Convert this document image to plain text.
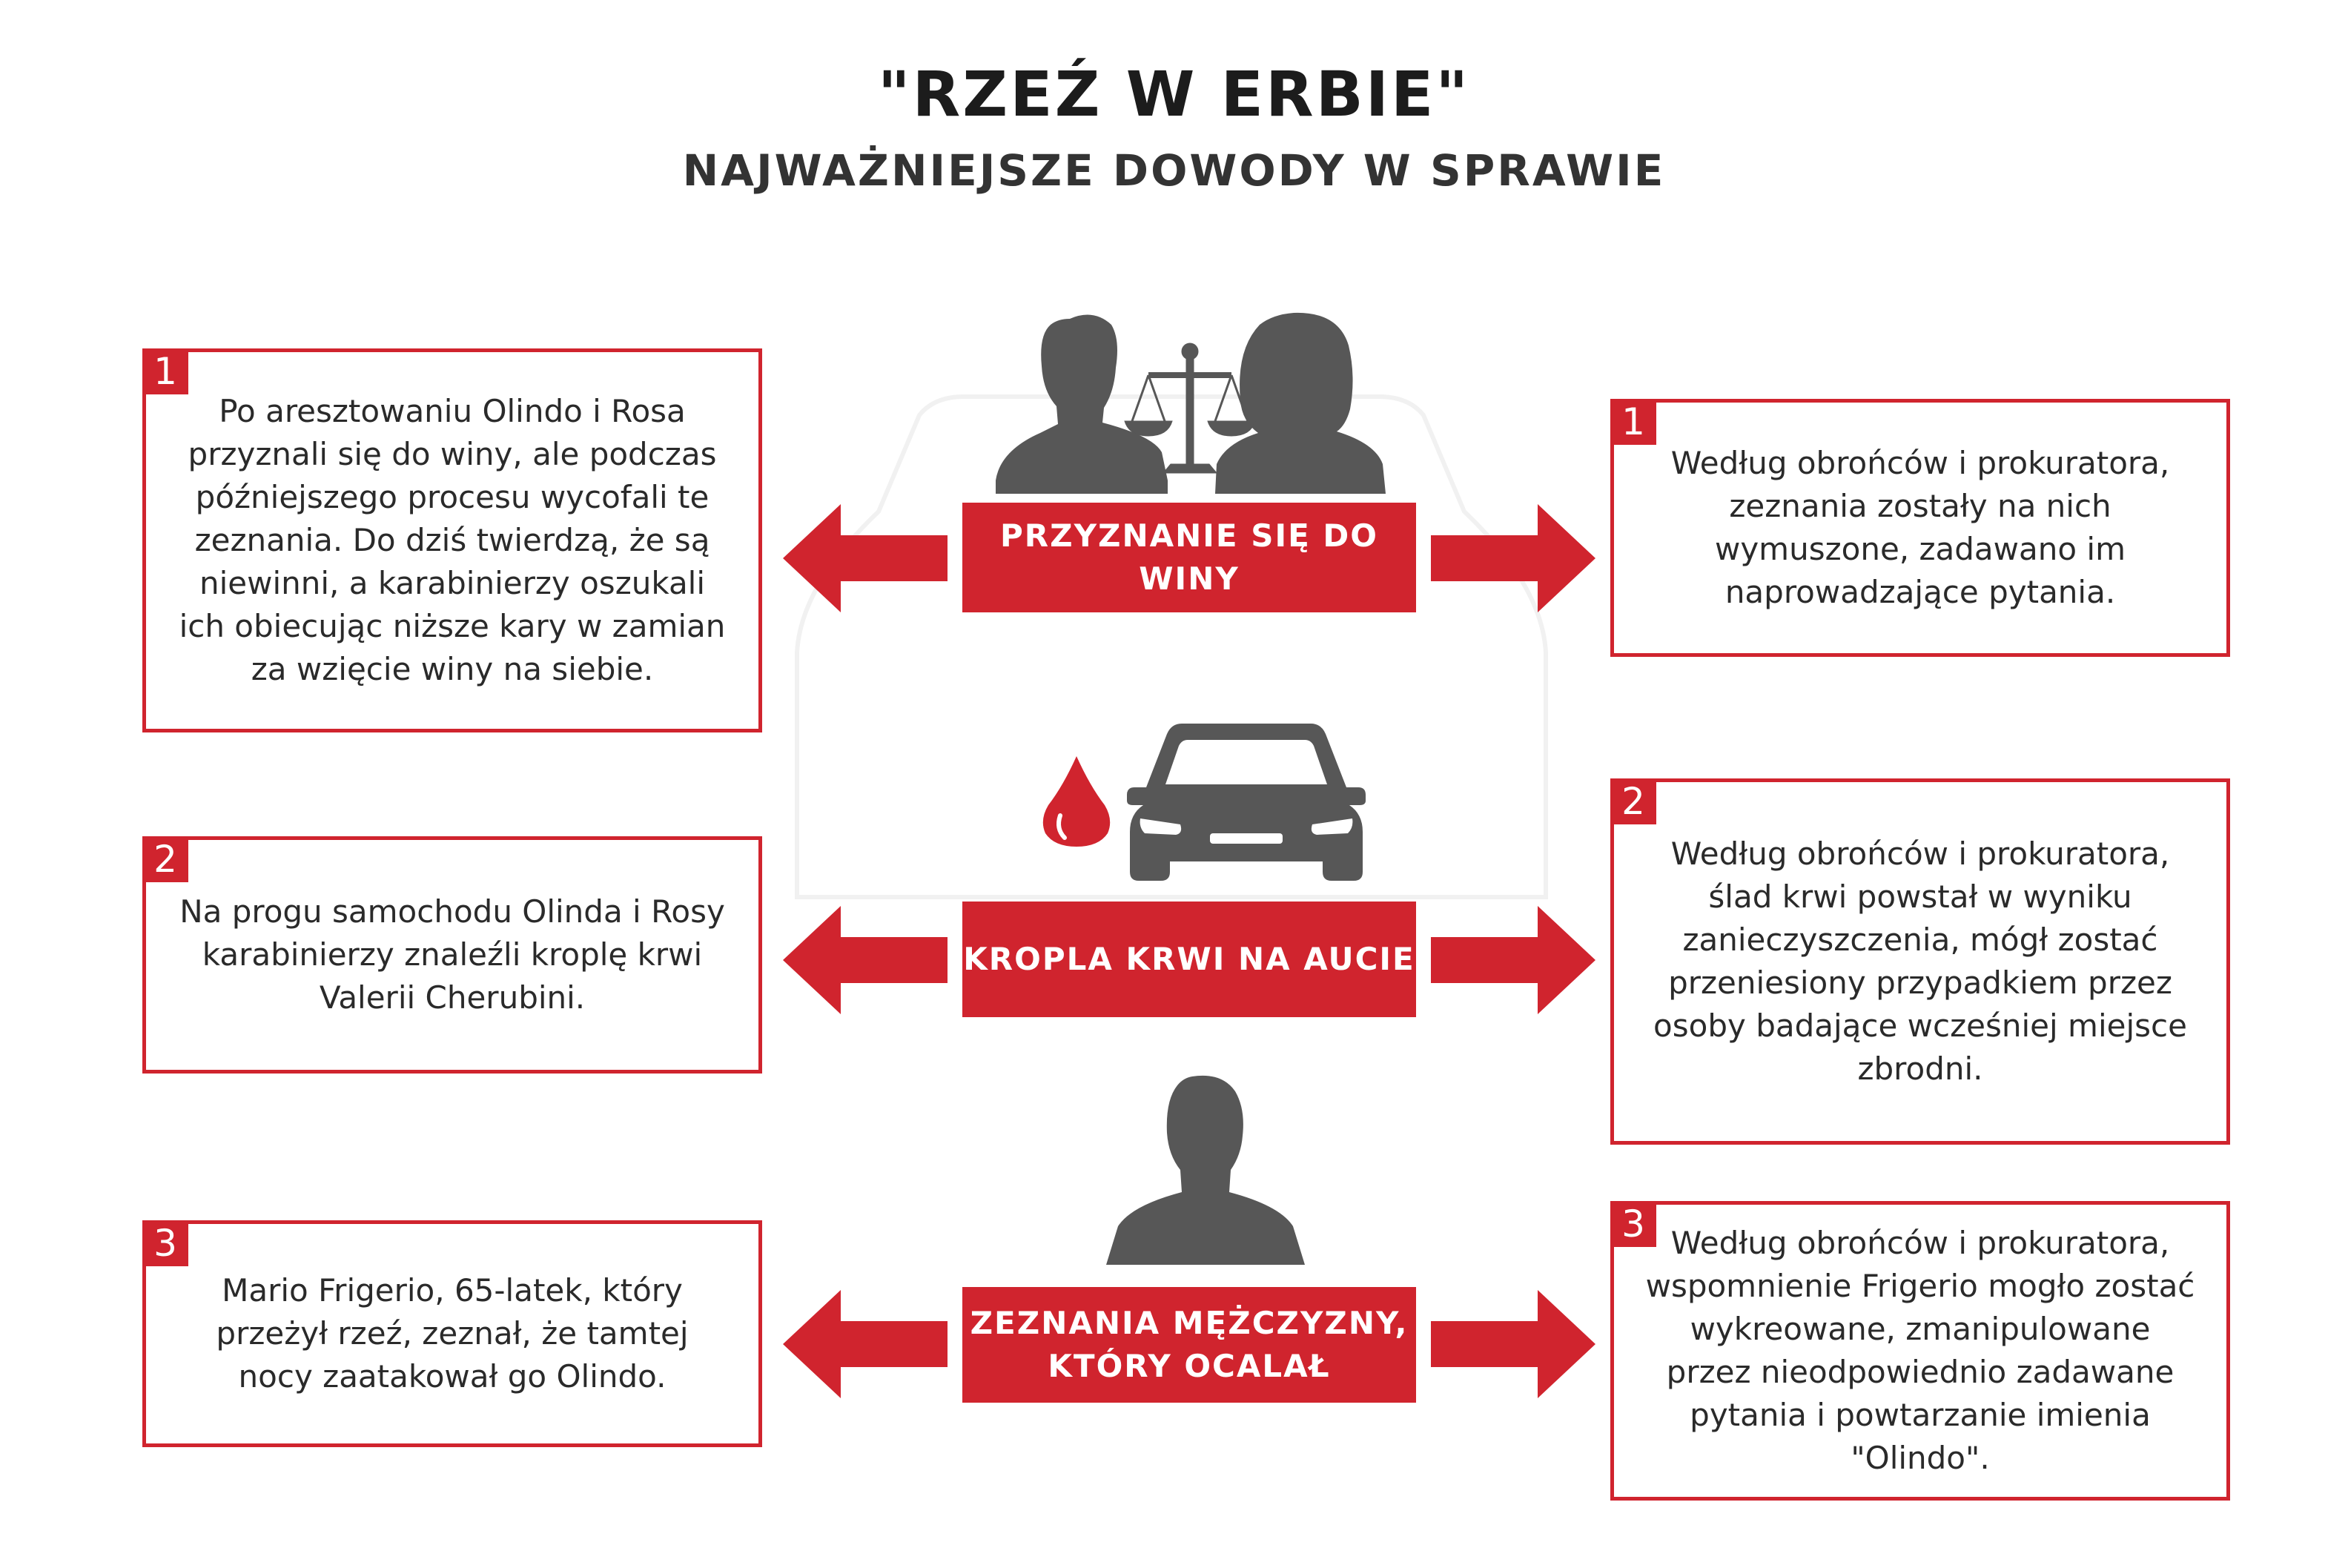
"RZEŹ W ERBIE"
NAJWAŻNIEJSZE DOWODY W SPRAWIE
1

Po aresztowaniu Olindo i Rosa przyznali się do winy, ale podczas późniejszego procesu wycofali te zeznania. Do dziś twierdzą, że są niewinni, a karabinierzy oszukali ich obiecując niższe kary w zamian za wzięcie winy na siebie.

1

Według obrońców i prokuratora, zeznania zostały na nich wymuszone, zadawano im naprowadzające pytania.

PRZYZNANIE SIĘ DO WINY
2

Na progu samochodu Olinda i Rosy karabinierzy znaleźli kroplę krwi Valerii Cherubini.

2

Według obrońców i prokuratora, ślad krwi powstał w wyniku zanieczyszczenia, mógł zostać przeniesiony przypadkiem przez osoby badające wcześniej miejsce zbrodni.

KROPLA KRWI NA AUCIE
3

Mario Frigerio, 65-latek, który przeżył rzeź, zeznał, że tamtej nocy zaatakował go Olindo.

3 Według obrońców i prokuratora, wspomnienie Frigerio mogło zostać wykreowane, zmanipulowane przez nieodpowiednio zadawane pytania i powtarzanie imienia "Olindo".

ZEZNANIA MĘŻCZYZNY, KTÓRY OCALAŁ
